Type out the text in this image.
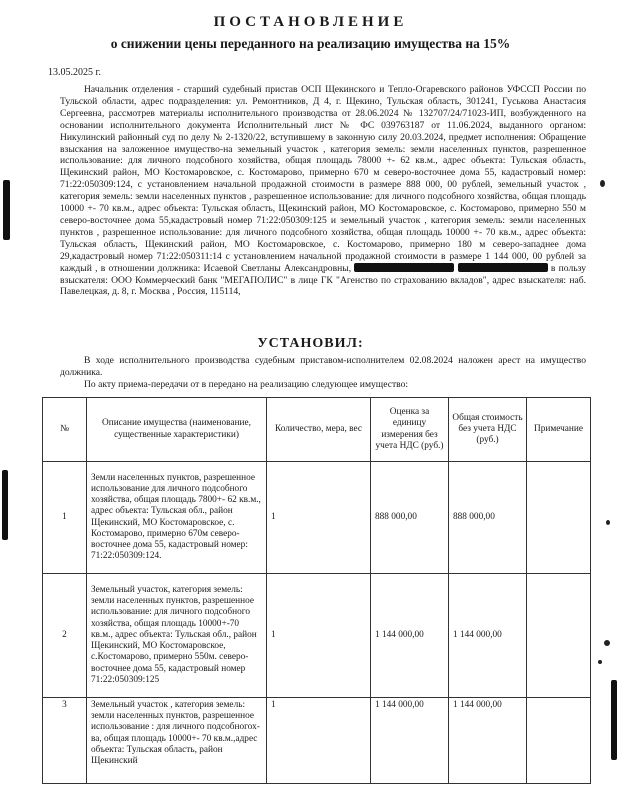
ПОСТАНОВЛЕНИЕ
о снижении цены переданного на реализацию имущества на 15%
13.05.2025 г.

Начальник отделения - старший судебный пристав ОСП Щекинского и Тепло-Огаревского районов УФССП России по Тульской области, адрес подразделения: ул. Ремонтников, Д 4, г. Щекино, Тульская область, 301241, Гуськова Анастасия Сергеевна, рассмотрев материалы исполнительного производства от 28.06.2024 № 132707/24/71023-ИП, возбужденного на основании исполнительного документа Исполнительный лист № ФС 039763187 от 11.06.2024, выданного органом: Никулинский районный суд по делу № 2-1320/22, вступившему в законную силу 20.03.2024, предмет исполнения: Обращение взыскания на заложенное имущество-на земельный участок , категория земель: земли населенных пунктов, разрешенное использование: для личного подсобного хозяйства, общая площадь 78000 +- 62 кв.м., адрес объекта: Тульская область, Щекинский район, МО Костомаровское, с. Костомарово, примерно 670 м северо-восточнее дома 55, кадастровый номер: 71:22:050309:124, с установлением начальной продажной стоимости в размере 888 000, 00 рублей, земельный участок , категория земель: земли населенных пунктов , разрешенное использование: для личного подсобного хозяйства, общая площадь 10000 +- 70 кв.м., адрес объекта: Тульская область, Щекинский район, МО Костомаровское, с. Костомарово, примерно 550 м северо-восточнее дома 55,кадастровый номер 71:22:050309:125 и земельный участок , категория земель: земли населенных пунктов , разрешенное использование: для личного подсобного хозяйства, общая площадь 10000 +- 70 кв.м., адрес объекта: Тульская область, Щекинский район, МО Костомаровское, с. Костомарово, примерно 180 м северо-западнее дома 29,кадастровый номер 71:22:050311:14 с установлением начальной продажной стоимости в размере 1 144 000, 00 рублей за каждый , в отношении должника: Исаевой Светланы Александровны,	в пользу взыскателя: ООО Коммерческий банк "МЕГАПОЛИС" в лице ГК "Агенство по страхованию вкладов", адрес взыскателя: наб. Павелецкая, д. 8, г. Москва , Россия, 115114,

УСТАНОВИЛ:

В ходе исполнительного производства судебным приставом-исполнителем 02.08.2024 наложен арест на имущество должника.

По акту приема-передачи от в передано на реализацию следующее имущество:

№	Описание имущества (наименование, существенные характеристики)	Количество, мера, вес	Оценка за единицу измерения без учета НДС (руб.)	Общая стоимость без учета НДС (руб.)	Примечание
1	Земли населенных пунктов, разрешенное использование для личного подсобного хозяйства, общая площадь 7800+- 62 кв.м., адрес объекта: Тульская обл., район Щекинский, МО Костомаровское, с. Костомарово, примерно 670м северо-восточнее дома 55, кадастровый номер: 71:22:050309:124.	1	888 000,00	888 000,00	
2	Земельный участок, категория земель: земли населенных пунктов, разрешенное использование: для личного подсобного хозяйства, общая площадь 10000+-70 кв.м., адрес объекта: Тульская обл., район Щекинский, МО Костомаровское, с.Костомарово, примерно 550м. северо-восточнее дома 55, кадастровый номер 71:22:050309:125	1	1 144 000,00	1 144 000,00	
3	Земельный участок , категория земель: земли населенных пунктов, разрешенное использование : для личного подсобногох-ва, общая площадь 10000+- 70 кв.м.,адрес объекта: Тульская область, район Щекинский	1	1 144 000,00	1 144 000,00	
